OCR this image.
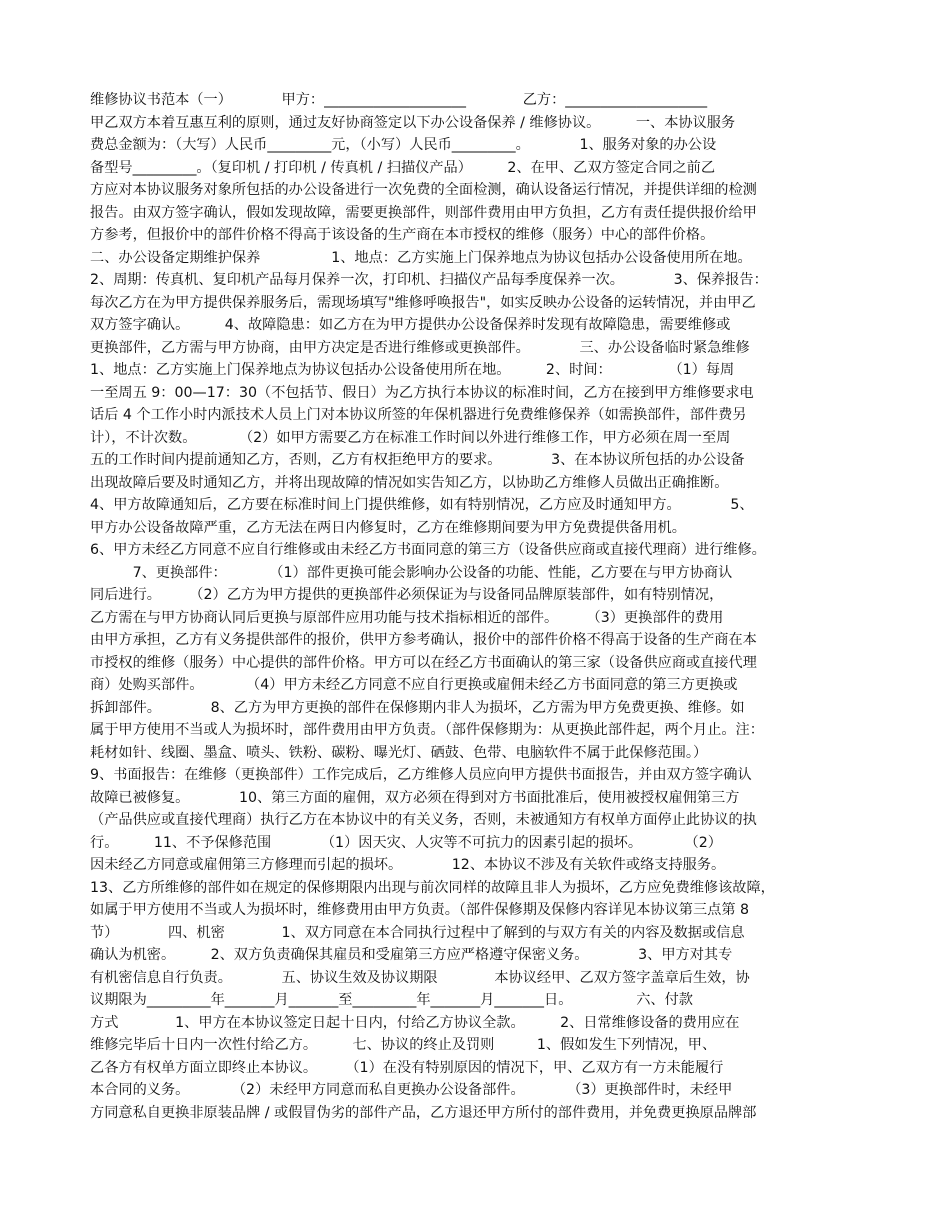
维修协议书范本（一）　　　　甲方：____________________　　　　乙方：____________________
甲乙双方本着互惠互利的原则，通过友好协商签定以下办公设备保养 / 维修协议。　　　一、本协议服务
费总金额为：（大写）人民币_________元，（小写）人民币_________。　　　　1、服务对象的办公设
备型号_________。（复印机 / 打印机 / 传真机 / 扫描仪产品）　　　2、在甲、乙双方签定合同之前乙
方应对本协议服务对象所包括的办公设备进行一次免费的全面检测，确认设备运行情况，并提供详细的检测
报告。由双方签字确认，假如发现故障，需要更换部件，则部件费用由甲方负担，乙方有责任提供报价给甲
方参考，但报价中的部件价格不得高于该设备的生产商在本市授权的维修（服务）中心的部件价格。
二、办公设备定期维护保养　　　　　1、地点：乙方实施上门保养地点为协议包括办公设备使用所在地。
2、周期：传真机、复印机产品每月保养一次，打印机、扫描仪产品每季度保养一次。　　　　3、保养报告：
每次乙方在为甲方提供保养服务后，需现场填写"维修呼唤报告"，如实反映办公设备的运转情况，并由甲乙
双方签字确认。　　　4、故障隐患：如乙方在为甲方提供办公设备保养时发现有故障隐患，需要维修或
更换部件，乙方需与甲方协商，由甲方决定是否进行维修或更换部件。　　　　三、办公设备临时紧急维修
1、地点：乙方实施上门保养地点为协议包括办公设备使用所在地。　　　2、时间：　　　　　（1）每周
一至周五 9：00—17：30（不包括节、假日）为乙方执行本协议的标准时间，乙方在接到甲方维修要求电
话后 4 个工作小时内派技术人员上门对本协议所签的年保机器进行免费维修保养（如需换部件，部件费另
计），不计次数。　　　　（2）如甲方需要乙方在标准工作时间以外进行维修工作，甲方必须在周一至周
五的工作时间内提前通知乙方，否则，乙方有权拒绝甲方的要求。　　　　3、在本协议所包括的办公设备
出现故障后要及时通知乙方，并将出现故障的情况如实告知乙方，以协助乙方维修人员做出正确推断。
4、甲方故障通知后，乙方要在标准时间上门提供维修，如有特别情况，乙方应及时通知甲方。　　　　5、
甲方办公设备故障严重，乙方无法在两日内修复时，乙方在维修期间要为甲方免费提供备用机。
6、甲方未经乙方同意不应自行维修或由未经乙方书面同意的第三方（设备供应商或直接代理商）进行维修。
　　　7、更换部件：　　　　（1）部件更换可能会影响办公设备的功能、性能，乙方要在与甲方协商认
同后进行。　　　（2）乙方为甲方提供的更换部件必须保证为与设备同品牌原装部件，如有特别情况，
乙方需在与甲方协商认同后更换与原部件应用功能与技术指标相近的部件。　　　（3）更换部件的费用
由甲方承担，乙方有义务提供部件的报价，供甲方参考确认，报价中的部件价格不得高于设备的生产商在本
市授权的维修（服务）中心提供的部件价格。甲方可以在经乙方书面确认的第三家（设备供应商或直接代理
商）处购买部件。　　　　（4）甲方未经乙方同意不应自行更换或雇佣未经乙方书面同意的第三方更换或
拆卸部件。　　　　8、乙方为甲方更换的部件在保修期内非人为损坏，乙方需为甲方免费更换、维修。如
属于甲方使用不当或人为损坏时，部件费用由甲方负责。（部件保修期为：从更换此部件起，两个月止。注：
耗材如针、线圈、墨盒、喷头、铁粉、碳粉、曝光灯、硒鼓、色带、电脑软件不属于此保修范围。）
9、书面报告：在维修（更换部件）工作完成后，乙方维修人员应向甲方提供书面报告，并由双方签字确认
故障已被修复。　　　　10、第三方面的雇佣，双方必须在得到对方书面批准后，使用被授权雇佣第三方
（产品供应或直接代理商）执行乙方在本协议中的有关义务，否则，未被通知方有权单方面停止此协议的执
行。　　　11、不予保修范围　　　　（1）因天灾、人灾等不可抗力的因素引起的损坏。　　　　（2）
因未经乙方同意或雇佣第三方修理而引起的损坏。　　　　12、本协议不涉及有关软件或络支持服务。
13、乙方所维修的部件如在规定的保修期限内出现与前次同样的故障且非人为损坏，乙方应免费维修该故障，
如属于甲方使用不当或人为损坏时，维修费用由甲方负责。（部件保修期及保修内容详见本协议第三点第 8
节）　　　　四、机密　　　　1、双方同意在本合同执行过程中了解到的与双方有关的内容及数据或信息
确认为机密。　　　2、双方负责确保其雇员和受雇第三方应严格遵守保密义务。　　　　3、甲方对其专
有机密信息自行负责。　　　　五、协议生效及协议期限　　　　本协议经甲、乙双方签字盖章后生效，协
议期限为_________年_______月_______至_________年_______月_______日。　　　　　六、付款
方式　　　　1、甲方在本协议签定日起十日内，付给乙方协议全款。　　　2、日常维修设备的费用应在
维修完毕后十日内一次性付给乙方。　　　七、协议的终止及罚则　　　1、假如发生下列情况，甲、
乙各方有权单方面立即终止本协议。　　　（1）在没有特别原因的情况下，甲、乙双方有一方未能履行
本合同的义务。　　　　（2）未经甲方同意而私自更换办公设备部件。　　　　（3）更换部件时，未经甲
方同意私自更换非原装品牌 / 或假冒伪劣的部件产品，乙方退还甲方所付的部件费用，并免费更换原品牌部
